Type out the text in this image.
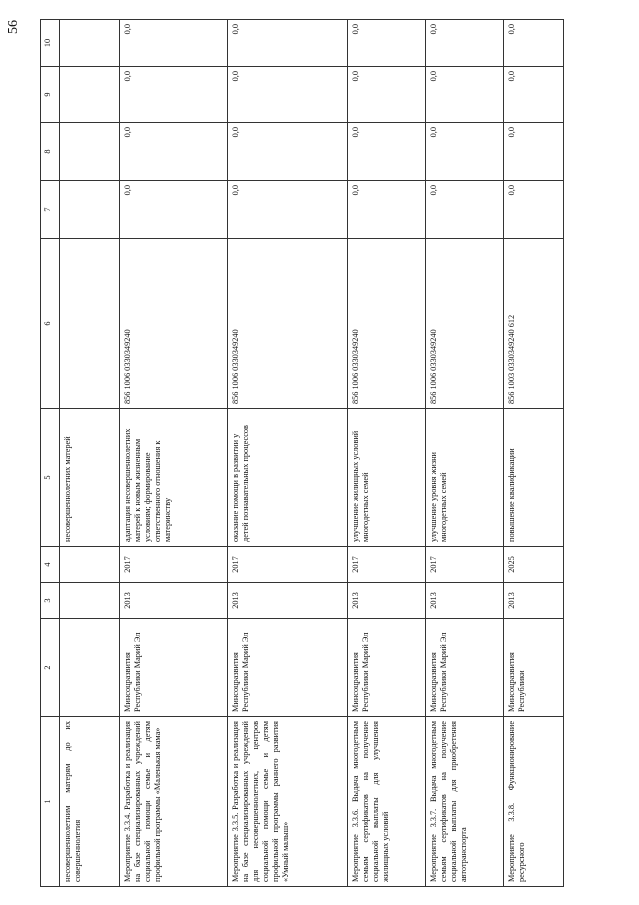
56
1	2	3	4	5	6	7	8	9	10
несовершеннолетним матерям до их совершеннолетия				несовершеннолетних матерей					
Мероприятие 3.3.4. Разработка и реализация на базе специализированных учреждений социальной помощи семье и детям профильной программы «Маленькая мама»	Минсоцразвития Республики Марий Эл	2013	2017	адаптация несовершеннолетних матерей к новым жизненным условиям; формирование ответственного отношения к материнству	856 1006 0330349240	0,0	0,0	0,0	0,0
Мероприятие 3.3.5. Разработка и реализация на базе специализированных учреждений для несовершеннолетних, центров социальной помощи семье и детям профильной программы раннего развития «Умный малыш»	Минсоцразвития Республики Марий Эл	2013	2017	оказание помощи в развитии у детей познавательных процессов	856 1006 0330349240	0,0	0,0	0,0	0,0
Мероприятие 3.3.6. Выдача многодетным семьям сертификатов на получение социальной выплаты для улучшения жилищных условий	Минсоцразвития Республики Марий Эл	2013	2017	улучшение жилищных условий многодетных семей	856 1006 0330349240	0,0	0,0	0,0	0,0
Мероприятие 3.3.7. Выдача многодетным семьям сертификатов на получение социальной выплаты для приобретения автотранспорта	Минсоцразвития Республики Марий Эл	2013	2017	улучшение уровня жизни многодетных семей	856 1006 0330349240	0,0	0,0	0,0	0,0
Мероприятие 3.3.8. Функционирование ресурсного	Минсоцразвития Республики	2013	2025	повышение квалификации	856 1003 0330349240 612	0,0	0,0	0,0	0,0
